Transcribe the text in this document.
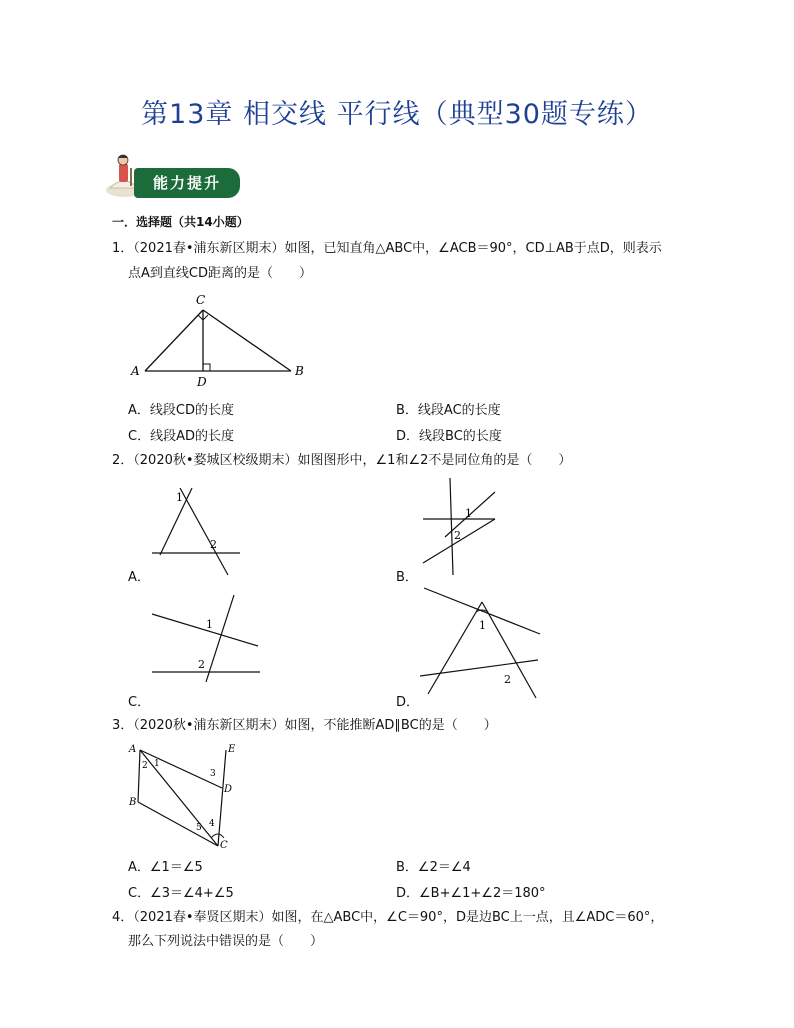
第13章 相交线 平行线（典型30题专练）
能力提升
一．选择题（共14小题）
1．（2021春•浦东新区期末）如图，已知直角△ABC中，∠ACB＝90°，CD⊥AB于点D，则表示
点A到直线CD距离的是（　　）
C
A	B
D
A．线段CD的长度	B．线段AC的长度
C．线段AD的长度	D．线段BC的长度
2．（2020秋•婺城区校级期末）如图图形中，∠1和∠2不是同位角的是（　　）
1
2
A．
1
2
B．
1
2
C．
1
2
D．
3．（2020秋•浦东新区期末）如图，不能推断AD∥BC的是（　　）
A
B
C
D
E
1
2
3
4
5
A．∠1＝∠5	B．∠2＝∠4
C．∠3＝∠4+∠5	D．∠B+∠1+∠2＝180°
4．（2021春•奉贤区期末）如图，在△ABC中，∠C＝90°，D是边BC上一点，且∠ADC＝60°，
那么下列说法中错误的是（　　）
